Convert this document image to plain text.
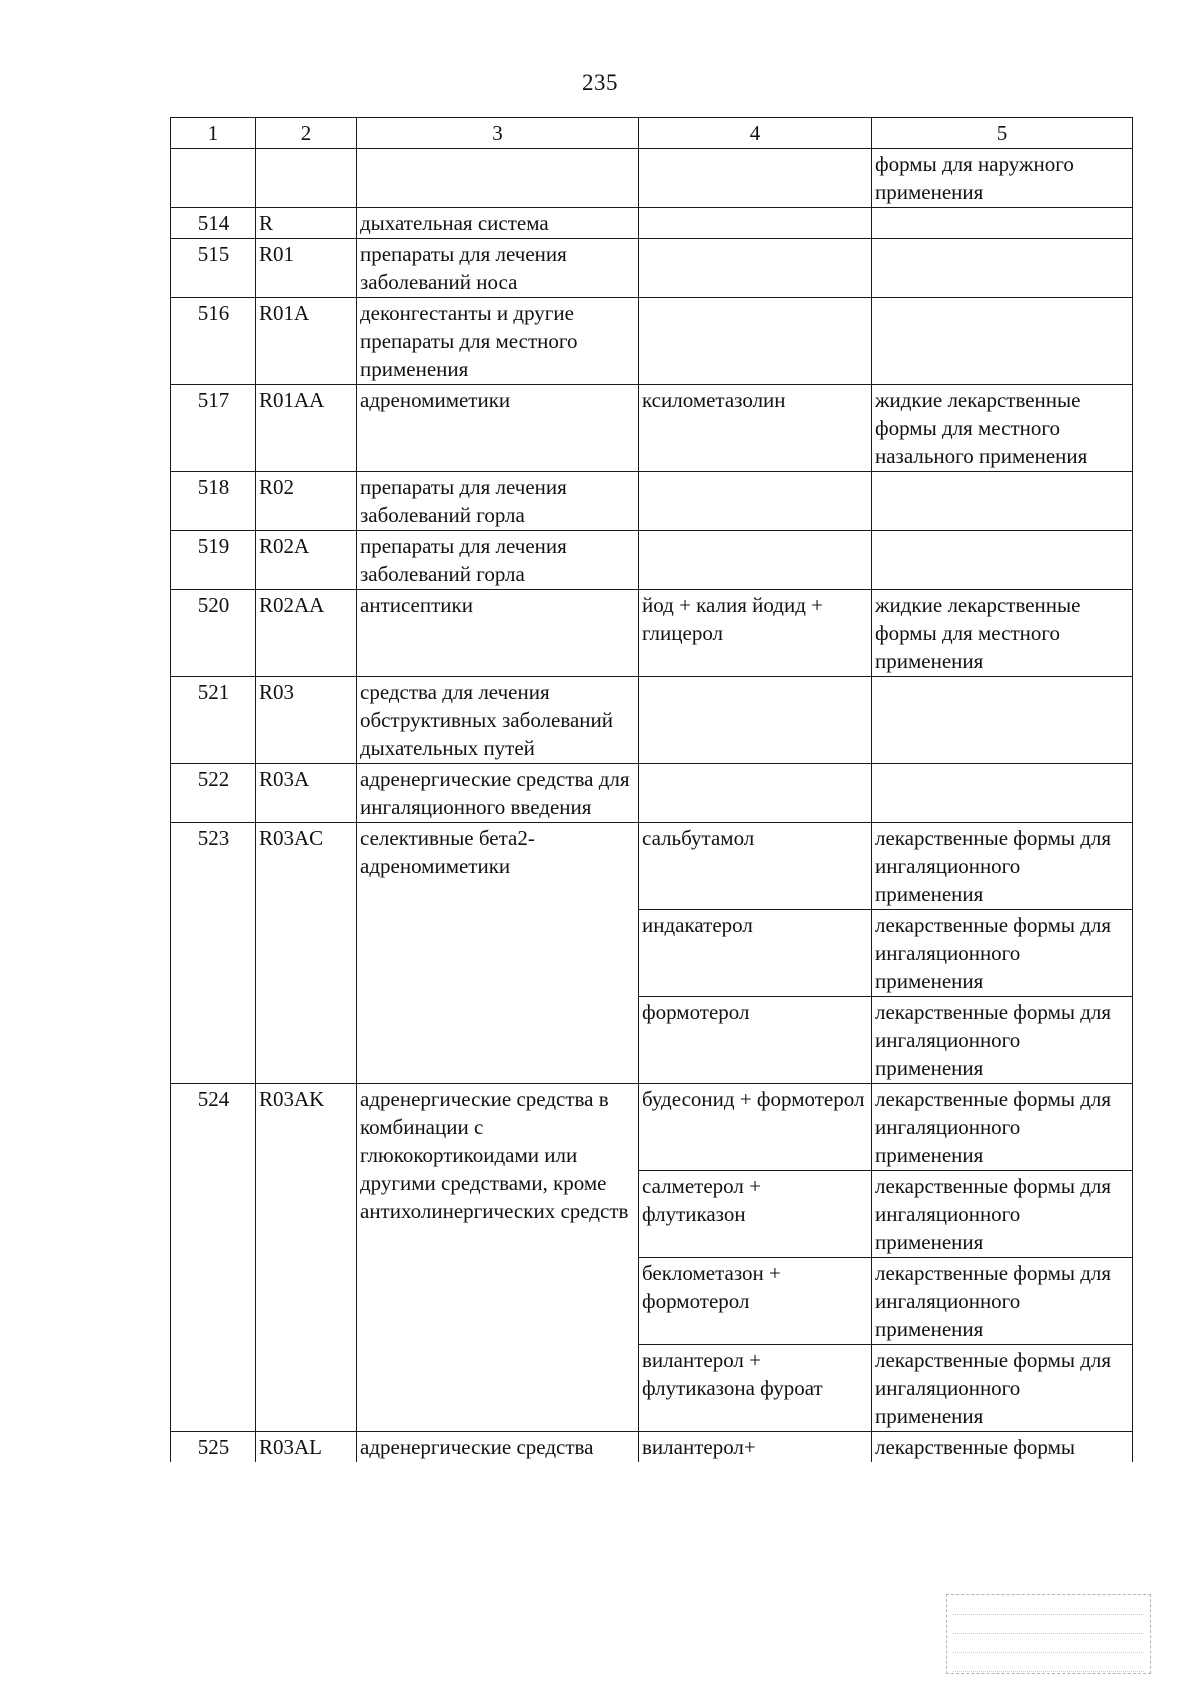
235
1	2	3	4	5
				формы для наружного применения
514	R	дыхательная система		
515	R01	препараты для лечения заболеваний носа		
516	R01A	деконгестанты и другие препараты для местного применения		
517	R01AA	адреномиметики	ксилометазолин	жидкие лекарственные формы для местного назального применения
518	R02	препараты для лечения заболеваний горла		
519	R02A	препараты для лечения заболеваний горла		
520	R02AA	антисептики	йод + калия йодид + глицерол	жидкие лекарственные формы для местного применения
521	R03	средства для лечения обструктивных заболеваний дыхательных путей		
522	R03A	адренергические средства для ингаляционного введения		
523	R03AC	селективные бета2-адреномиметики	сальбутамол	лекарственные формы для ингаляционного применения
			индакатерол	лекарственные формы для ингаляционного применения
			формотерол	лекарственные формы для ингаляционного применения
524	R03AK	адренергические средства в комбинации с глюкокортикоидами или другими средствами, кроме антихолинергических средств	будесонид + формотерол	лекарственные формы для ингаляционного применения
			салметерол + флутиказон	лекарственные формы для ингаляционного применения
			беклометазон + формотерол	лекарственные формы для ингаляционного применения
			вилантерол + флутиказона фуроат	лекарственные формы для ингаляционного применения
525	R03AL	адренергические средства	вилантерол+	лекарственные формы
